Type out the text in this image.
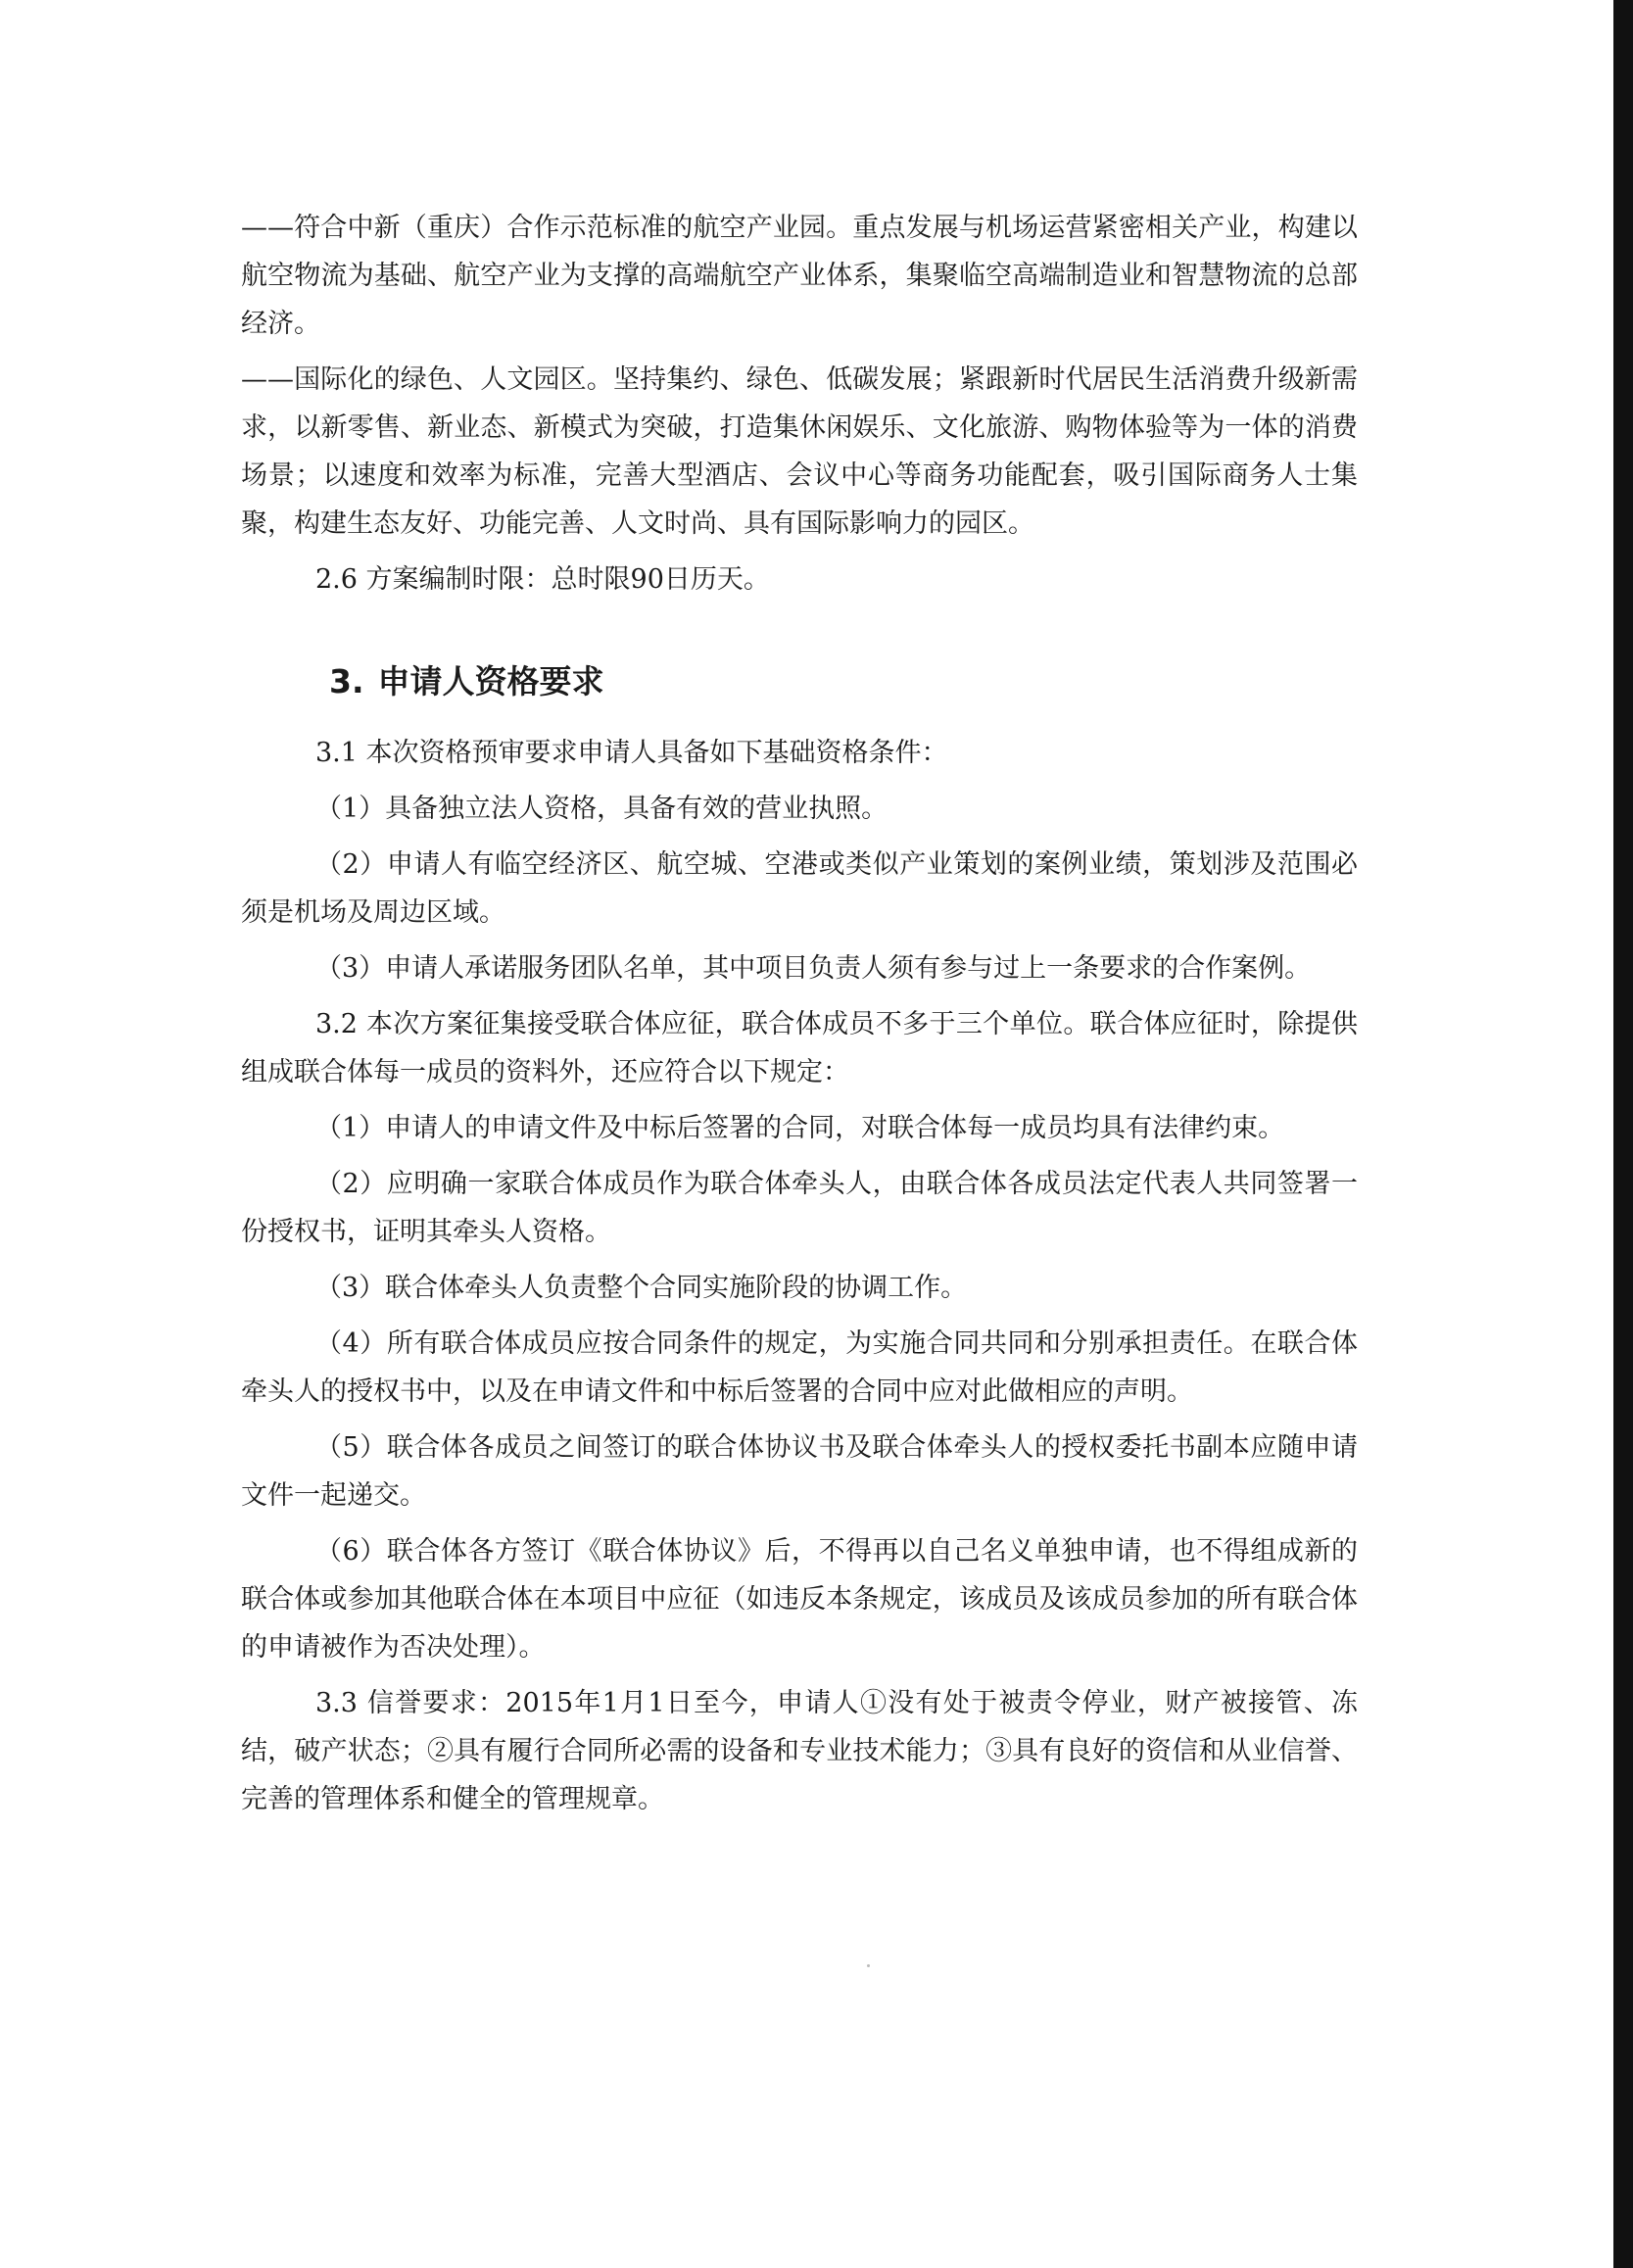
——符合中新（重庆）合作示范标准的航空产业园。重点发展与机场运营紧密相关产业，构建以航空物流为基础、航空产业为支撑的高端航空产业体系，集聚临空高端制造业和智慧物流的总部经济。

——国际化的绿色、人文园区。坚持集约、绿色、低碳发展；紧跟新时代居民生活消费升级新需求，以新零售、新业态、新模式为突破，打造集休闲娱乐、文化旅游、购物体验等为一体的消费场景；以速度和效率为标准，完善大型酒店、会议中心等商务功能配套，吸引国际商务人士集聚，构建生态友好、功能完善、人文时尚、具有国际影响力的园区。

2.6 方案编制时限：总时限90日历天。

3. 申请人资格要求

3.1 本次资格预审要求申请人具备如下基础资格条件：

（1）具备独立法人资格，具备有效的营业执照。

（2）申请人有临空经济区、航空城、空港或类似产业策划的案例业绩，策划涉及范围必须是机场及周边区域。

（3）申请人承诺服务团队名单，其中项目负责人须有参与过上一条要求的合作案例。

3.2 本次方案征集接受联合体应征，联合体成员不多于三个单位。联合体应征时，除提供组成联合体每一成员的资料外，还应符合以下规定：

（1）申请人的申请文件及中标后签署的合同，对联合体每一成员均具有法律约束。

（2）应明确一家联合体成员作为联合体牵头人，由联合体各成员法定代表人共同签署一份授权书，证明其牵头人资格。

（3）联合体牵头人负责整个合同实施阶段的协调工作。

（4）所有联合体成员应按合同条件的规定，为实施合同共同和分别承担责任。在联合体牵头人的授权书中，以及在申请文件和中标后签署的合同中应对此做相应的声明。

（5）联合体各成员之间签订的联合体协议书及联合体牵头人的授权委托书副本应随申请文件一起递交。

（6）联合体各方签订《联合体协议》后，不得再以自己名义单独申请，也不得组成新的联合体或参加其他联合体在本项目中应征（如违反本条规定，该成员及该成员参加的所有联合体的申请被作为否决处理）。

3.3 信誉要求：2015年1月1日至今，申请人①没有处于被责令停业，财产被接管、冻结，破产状态；②具有履行合同所必需的设备和专业技术能力；③具有良好的资信和从业信誉、完善的管理体系和健全的管理规章。
